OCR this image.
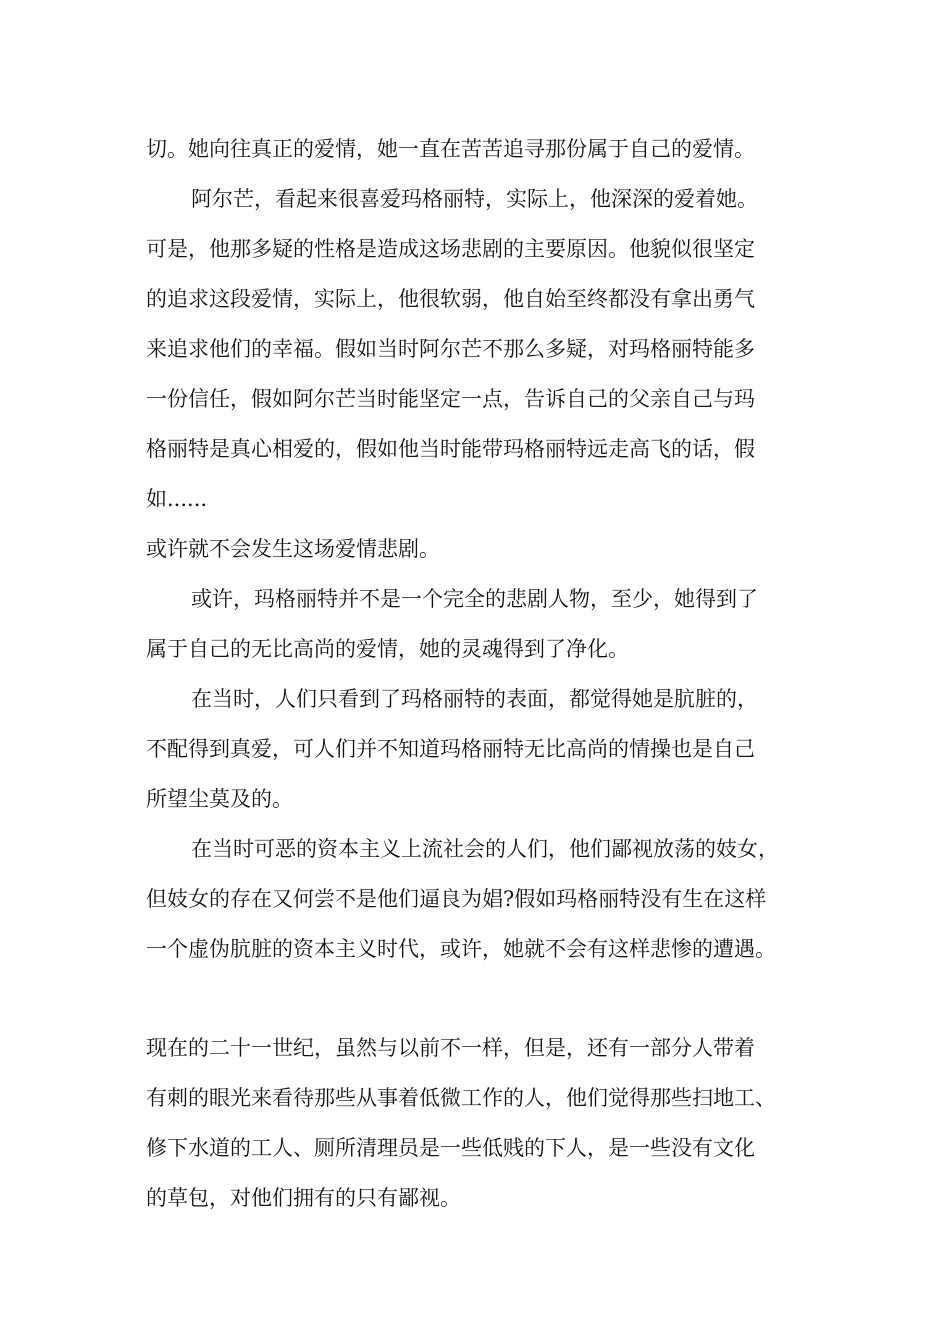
切。她向往真正的爱情，她一直在苦苦追寻那份属于自己的爱情。

阿尔芒，看起来很喜爱玛格丽特，实际上，他深深的爱着她。

可是，他那多疑的性格是造成这场悲剧的主要原因。他貌似很坚定

的追求这段爱情，实际上，他很软弱，他自始至终都没有拿出勇气

来追求他们的幸福。假如当时阿尔芒不那么多疑，对玛格丽特能多

一份信任，假如阿尔芒当时能坚定一点，告诉自己的父亲自己与玛

格丽特是真心相爱的，假如他当时能带玛格丽特远走高飞的话，假

如......

或许就不会发生这场爱情悲剧。

或许，玛格丽特并不是一个完全的悲剧人物，至少，她得到了

属于自己的无比高尚的爱情，她的灵魂得到了净化。

在当时，人们只看到了玛格丽特的表面，都觉得她是肮脏的，

不配得到真爱，可人们并不知道玛格丽特无比高尚的情操也是自己

所望尘莫及的。

在当时可恶的资本主义上流社会的人们，他们鄙视放荡的妓女，

但妓女的存在又何尝不是他们逼良为娼?假如玛格丽特没有生在这样

一个虚伪肮脏的资本主义时代，或许，她就不会有这样悲惨的遭遇。

现在的二十一世纪，虽然与以前不一样，但是，还有一部分人带着

有刺的眼光来看待那些从事着低微工作的人，他们觉得那些扫地工、

修下水道的工人、厕所清理员是一些低贱的下人，是一些没有文化

的草包，对他们拥有的只有鄙视。
